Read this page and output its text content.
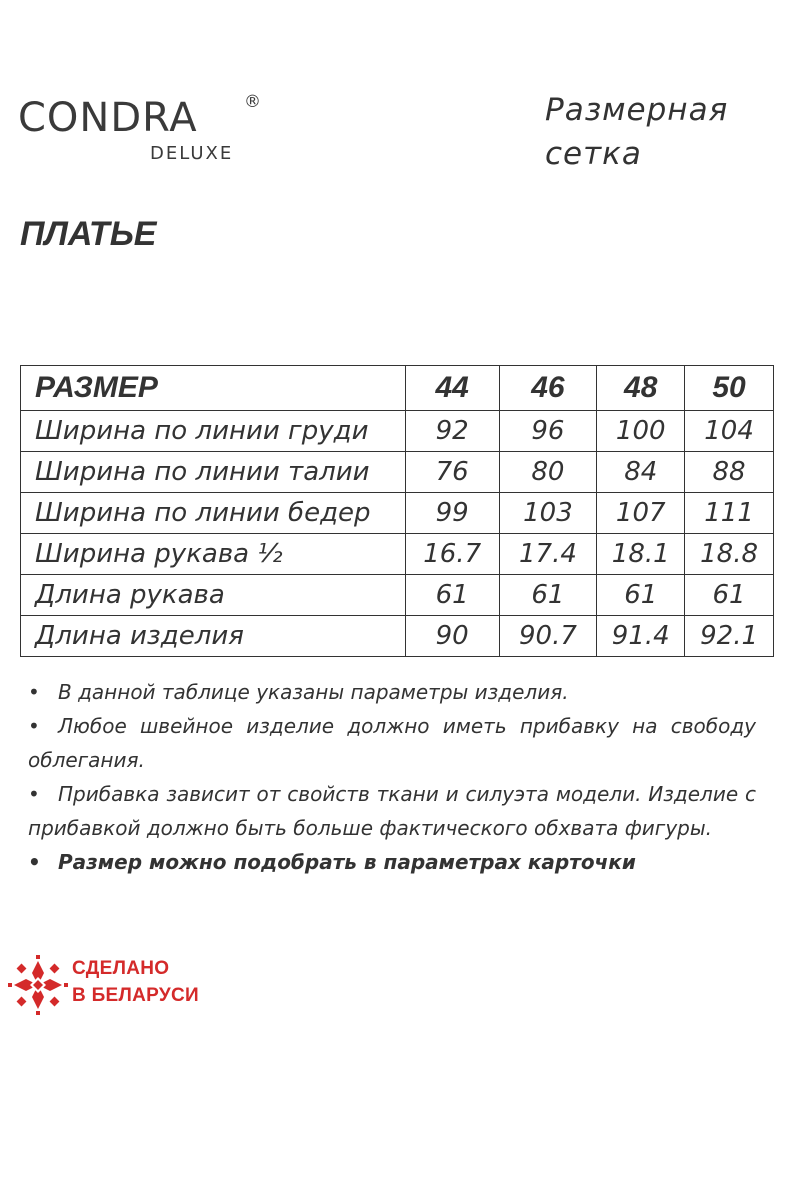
CONDRA	®
DELUXE
Размерная
сетка
ПЛАТЬЕ
РАЗМЕР	44	46	48	50
Ширина по линии груди	92	96	100	104
Ширина по линии талии	76	80	84	88
Ширина по линии бедер	99	103	107	111
Ширина рукава ½	16.7	17.4	18.1	18.8
Длина рукава	61	61	61	61
Длина изделия	90	90.7	91.4	92.1

• В данной таблице указаны параметры изделия.

• Любое швейное изделие должно иметь прибавку на свободу облегания.

• Прибавка зависит от свойств ткани и силуэта модели. Изделие с прибавкой должно быть больше фактического обхвата фигуры.

• Размер можно подобрать в параметрах карточки

СДЕЛАНО
В БЕЛАРУСИ
